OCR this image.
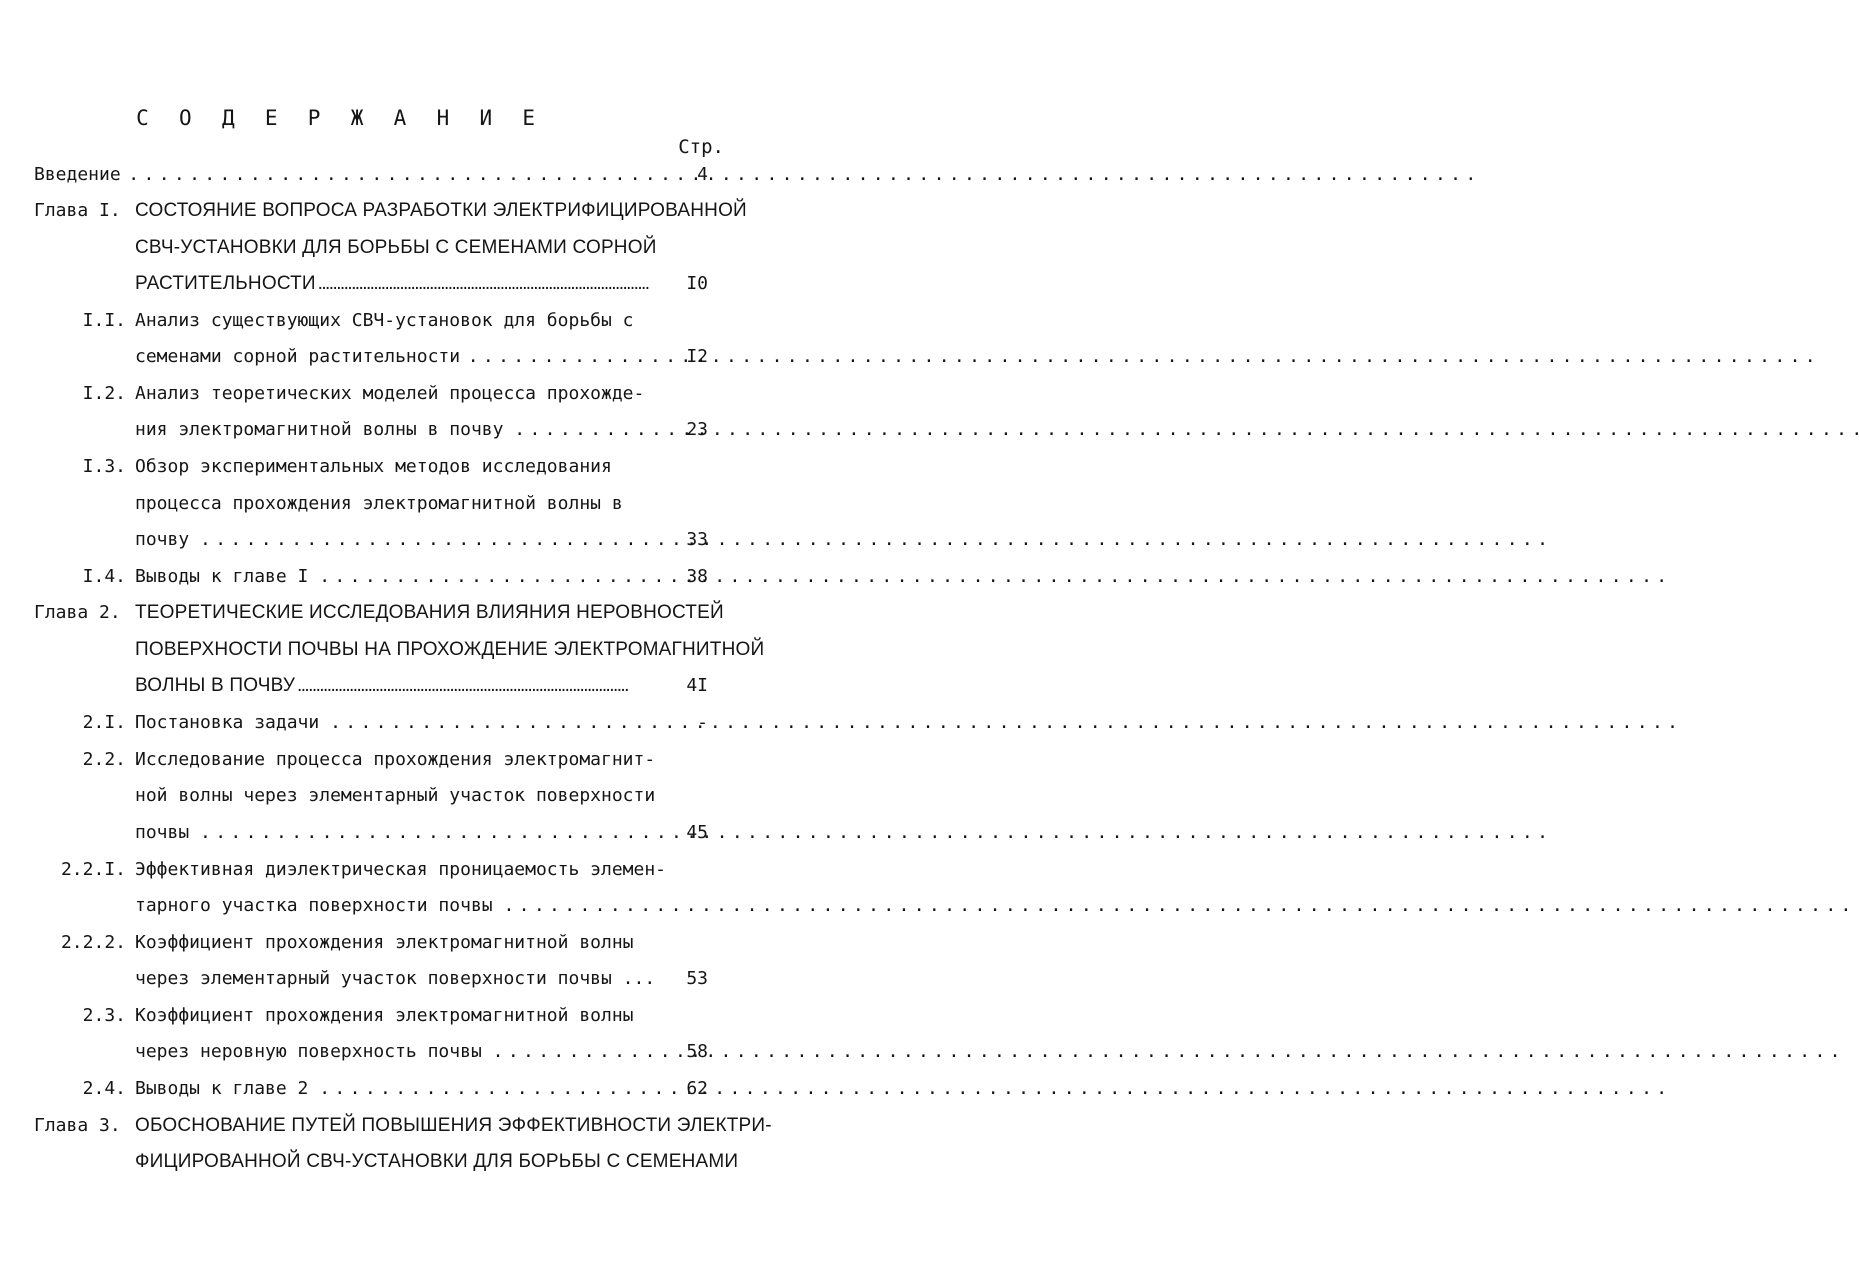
С О Д Е Р Ж А Н И Е
Стр.
Введение . . .	4
Глава I. СОСТОЯНИЕ ВОПРОСА РАЗРАБОТКИ ЭЛЕКТРИФИЦИРОВАННОЙ
СВЧ-УСТАНОВКИ ДЛЯ БОРЬБЫ С СЕМЕНАМИ СОРНОЙ
РАСТИТЕЛЬНОСТИ . . .	I0
I.I. Анализ существующих СВЧ-установок для борьбы с
семенами сорной растительности . . .	I2
I.2. Анализ теоретических моделей процесса прохожде-
ния электромагнитной волны в почву . . .	23
I.3. Обзор экспериментальных методов исследования
процесса прохождения электромагнитной волны в
почву . . .	33
I.4. Выводы к главе I . . .	38
Глава 2. ТЕОРЕТИЧЕСКИЕ ИССЛЕДОВАНИЯ ВЛИЯНИЯ НЕРОВНОСТЕЙ
ПОВЕРХНОСТИ ПОЧВЫ НА ПРОХОЖДЕНИЕ ЭЛЕКТРОМАГНИТНОЙ
ВОЛНЫ В ПОЧВУ . . .	4I
2.I. Постановка задачи . . .	-
2.2. Исследование процесса прохождения электромагнит-
ной волны через элементарный участок поверхности
почвы . . .	45
2.2.I. Эффективная диэлектрическая проницаемость элемен-
тарного участка поверхности почвы . . .
2.2.2. Коэффициент прохождения электромагнитной волны
через элементарный участок поверхности почвы ...	53
2.3. Коэффициент прохождения электромагнитной волны
через неровную поверхность почвы . . .	58
2.4. Выводы к главе 2 . . .	62
Глава 3. ОБОСНОВАНИЕ ПУТЕЙ ПОВЫШЕНИЯ ЭФФЕКТИВНОСТИ ЭЛЕКТРИ-
ФИЦИРОВАННОЙ СВЧ-УСТАНОВКИ ДЛЯ БОРЬБЫ С СЕМЕНАМИ
